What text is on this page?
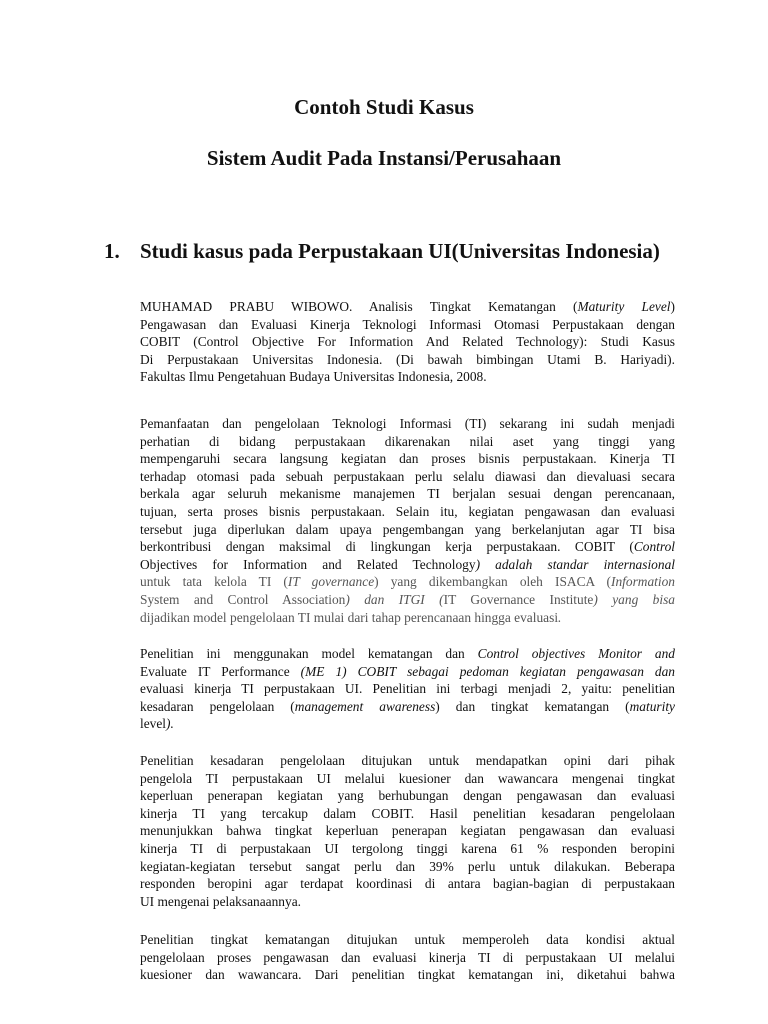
Contoh Studi Kasus
Sistem Audit Pada Instansi/Perusahaan
1. Studi kasus pada Perpustakaan UI(Universitas Indonesia)
MUHAMAD PRABU WIBOWO. Analisis Tingkat Kematangan (Maturity Level)
Pengawasan dan Evaluasi Kinerja Teknologi Informasi Otomasi Perpustakaan dengan
COBIT (Control Objective For Information And Related Technology): Studi Kasus
Di Perpustakaan Universitas Indonesia. (Di bawah bimbingan Utami B. Hariyadi).
Fakultas Ilmu Pengetahuan Budaya Universitas Indonesia, 2008.
Pemanfaatan dan pengelolaan Teknologi Informasi (TI) sekarang ini sudah menjadi
perhatian di bidang perpustakaan dikarenakan nilai aset yang tinggi yang
mempengaruhi secara langsung kegiatan dan proses bisnis perpustakaan. Kinerja TI
terhadap otomasi pada sebuah perpustakaan perlu selalu diawasi dan dievaluasi secara
berkala agar seluruh mekanisme manajemen TI berjalan sesuai dengan perencanaan,
tujuan, serta proses bisnis perpustakaan. Selain itu, kegiatan pengawasan dan evaluasi
tersebut juga diperlukan dalam upaya pengembangan yang berkelanjutan agar TI bisa
berkontribusi dengan maksimal di lingkungan kerja perpustakaan. COBIT (Control
Objectives for Information and Related Technology) adalah standar internasional
untuk tata kelola TI (IT governance) yang dikembangkan oleh ISACA (Information
System and Control Association) dan ITGI (IT Governance Institute) yang bisa
dijadikan model pengelolaan TI mulai dari tahap perencanaan hingga evaluasi.
Penelitian ini menggunakan model kematangan dan Control objectives Monitor and
Evaluate IT Performance (ME 1) COBIT sebagai pedoman kegiatan pengawasan dan
evaluasi kinerja TI perpustakaan UI. Penelitian ini terbagi menjadi 2, yaitu: penelitian
kesadaran pengelolaan (management awareness) dan tingkat kematangan (maturity
level).
Penelitian kesadaran pengelolaan ditujukan untuk mendapatkan opini dari pihak
pengelola TI perpustakaan UI melalui kuesioner dan wawancara mengenai tingkat
keperluan penerapan kegiatan yang berhubungan dengan pengawasan dan evaluasi
kinerja TI yang tercakup dalam COBIT. Hasil penelitian kesadaran pengelolaan
menunjukkan bahwa tingkat keperluan penerapan kegiatan pengawasan dan evaluasi
kinerja TI di perpustakaan UI tergolong tinggi karena 61 % responden beropini
kegiatan-kegiatan tersebut sangat perlu dan 39% perlu untuk dilakukan. Beberapa
responden beropini agar terdapat koordinasi di antara bagian-bagian di perpustakaan
UI mengenai pelaksanaannya.
Penelitian tingkat kematangan ditujukan untuk memperoleh data kondisi aktual
pengelolaan proses pengawasan dan evaluasi kinerja TI di perpustakaan UI melalui
kuesioner dan wawancara. Dari penelitian tingkat kematangan ini, diketahui bahwa
